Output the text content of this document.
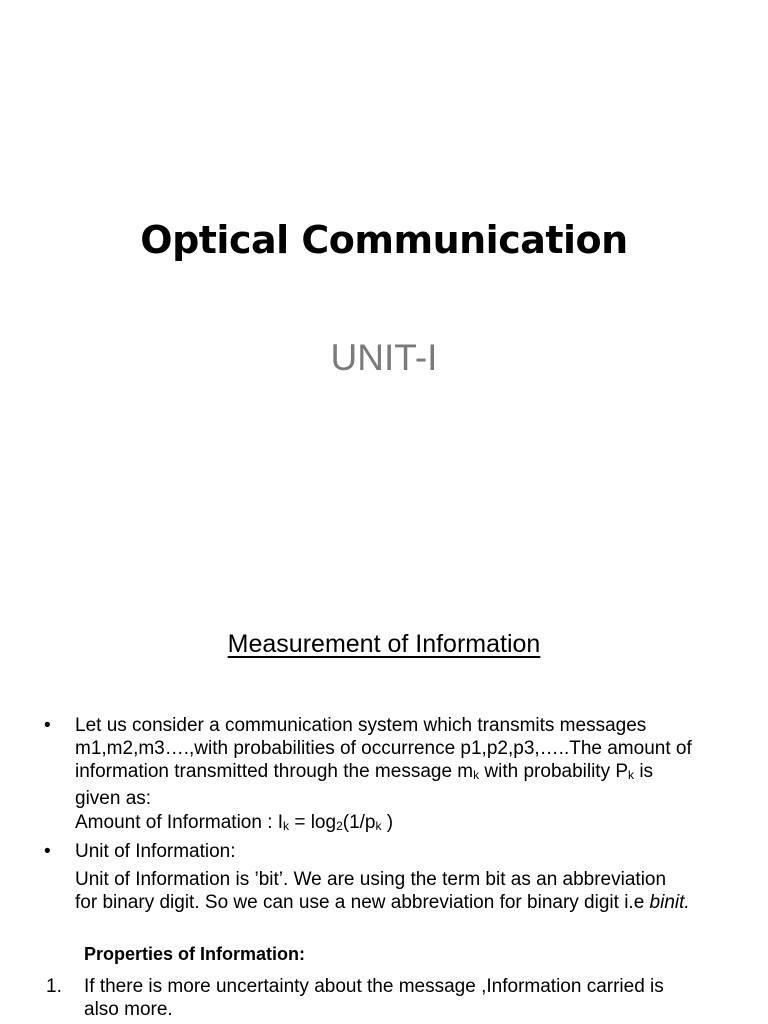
Optical Communication
UNIT-I
Measurement of Information
•	Let us consider a communication system which transmits messages
m1,m2,m3….,with probabilities of occurrence p1,p2,p3,…..The amount of
information transmitted through the message mk with probability Pk is
given as:
Amount of Information : Ik = log2(1/pk )
•	Unit of Information:
Unit of Information is ’bit’. We are using the term bit as an abbreviation
for binary digit. So we can use a new abbreviation for binary digit i.e binit.
Properties of Information:
1. If there is more uncertainty about the message ,Information carried is
also more.
